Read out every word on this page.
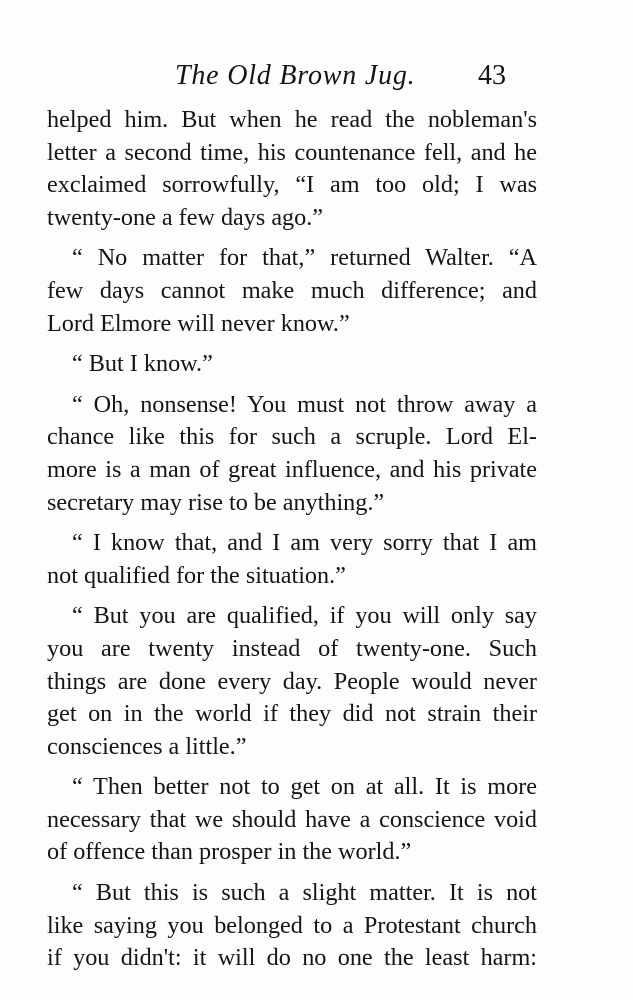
The Old Brown Jug. 43
helped him. But when he read the nobleman's
letter a second time, his countenance fell, and he
exclaimed sorrowfully, “I am too old; I was
twenty-one a few days ago.”
“ No matter for that,” returned Walter. “A
few days cannot make much difference; and
Lord Elmore will never know.”
“ But I know.”
“ Oh, nonsense! You must not throw away a
chance like this for such a scruple. Lord El-
more is a man of great influence, and his private
secretary may rise to be anything.”
“ I know that, and I am very sorry that I am
not qualified for the situation.”
“ But you are qualified, if you will only say
you are twenty instead of twenty-one. Such
things are done every day. People would never
get on in the world if they did not strain their
consciences a little.”
“ Then better not to get on at all. It is more
necessary that we should have a conscience void
of offence than prosper in the world.”
“ But this is such a slight matter. It is not
like saying you belonged to a Protestant church
if you didn't: it will do no one the least harm:
